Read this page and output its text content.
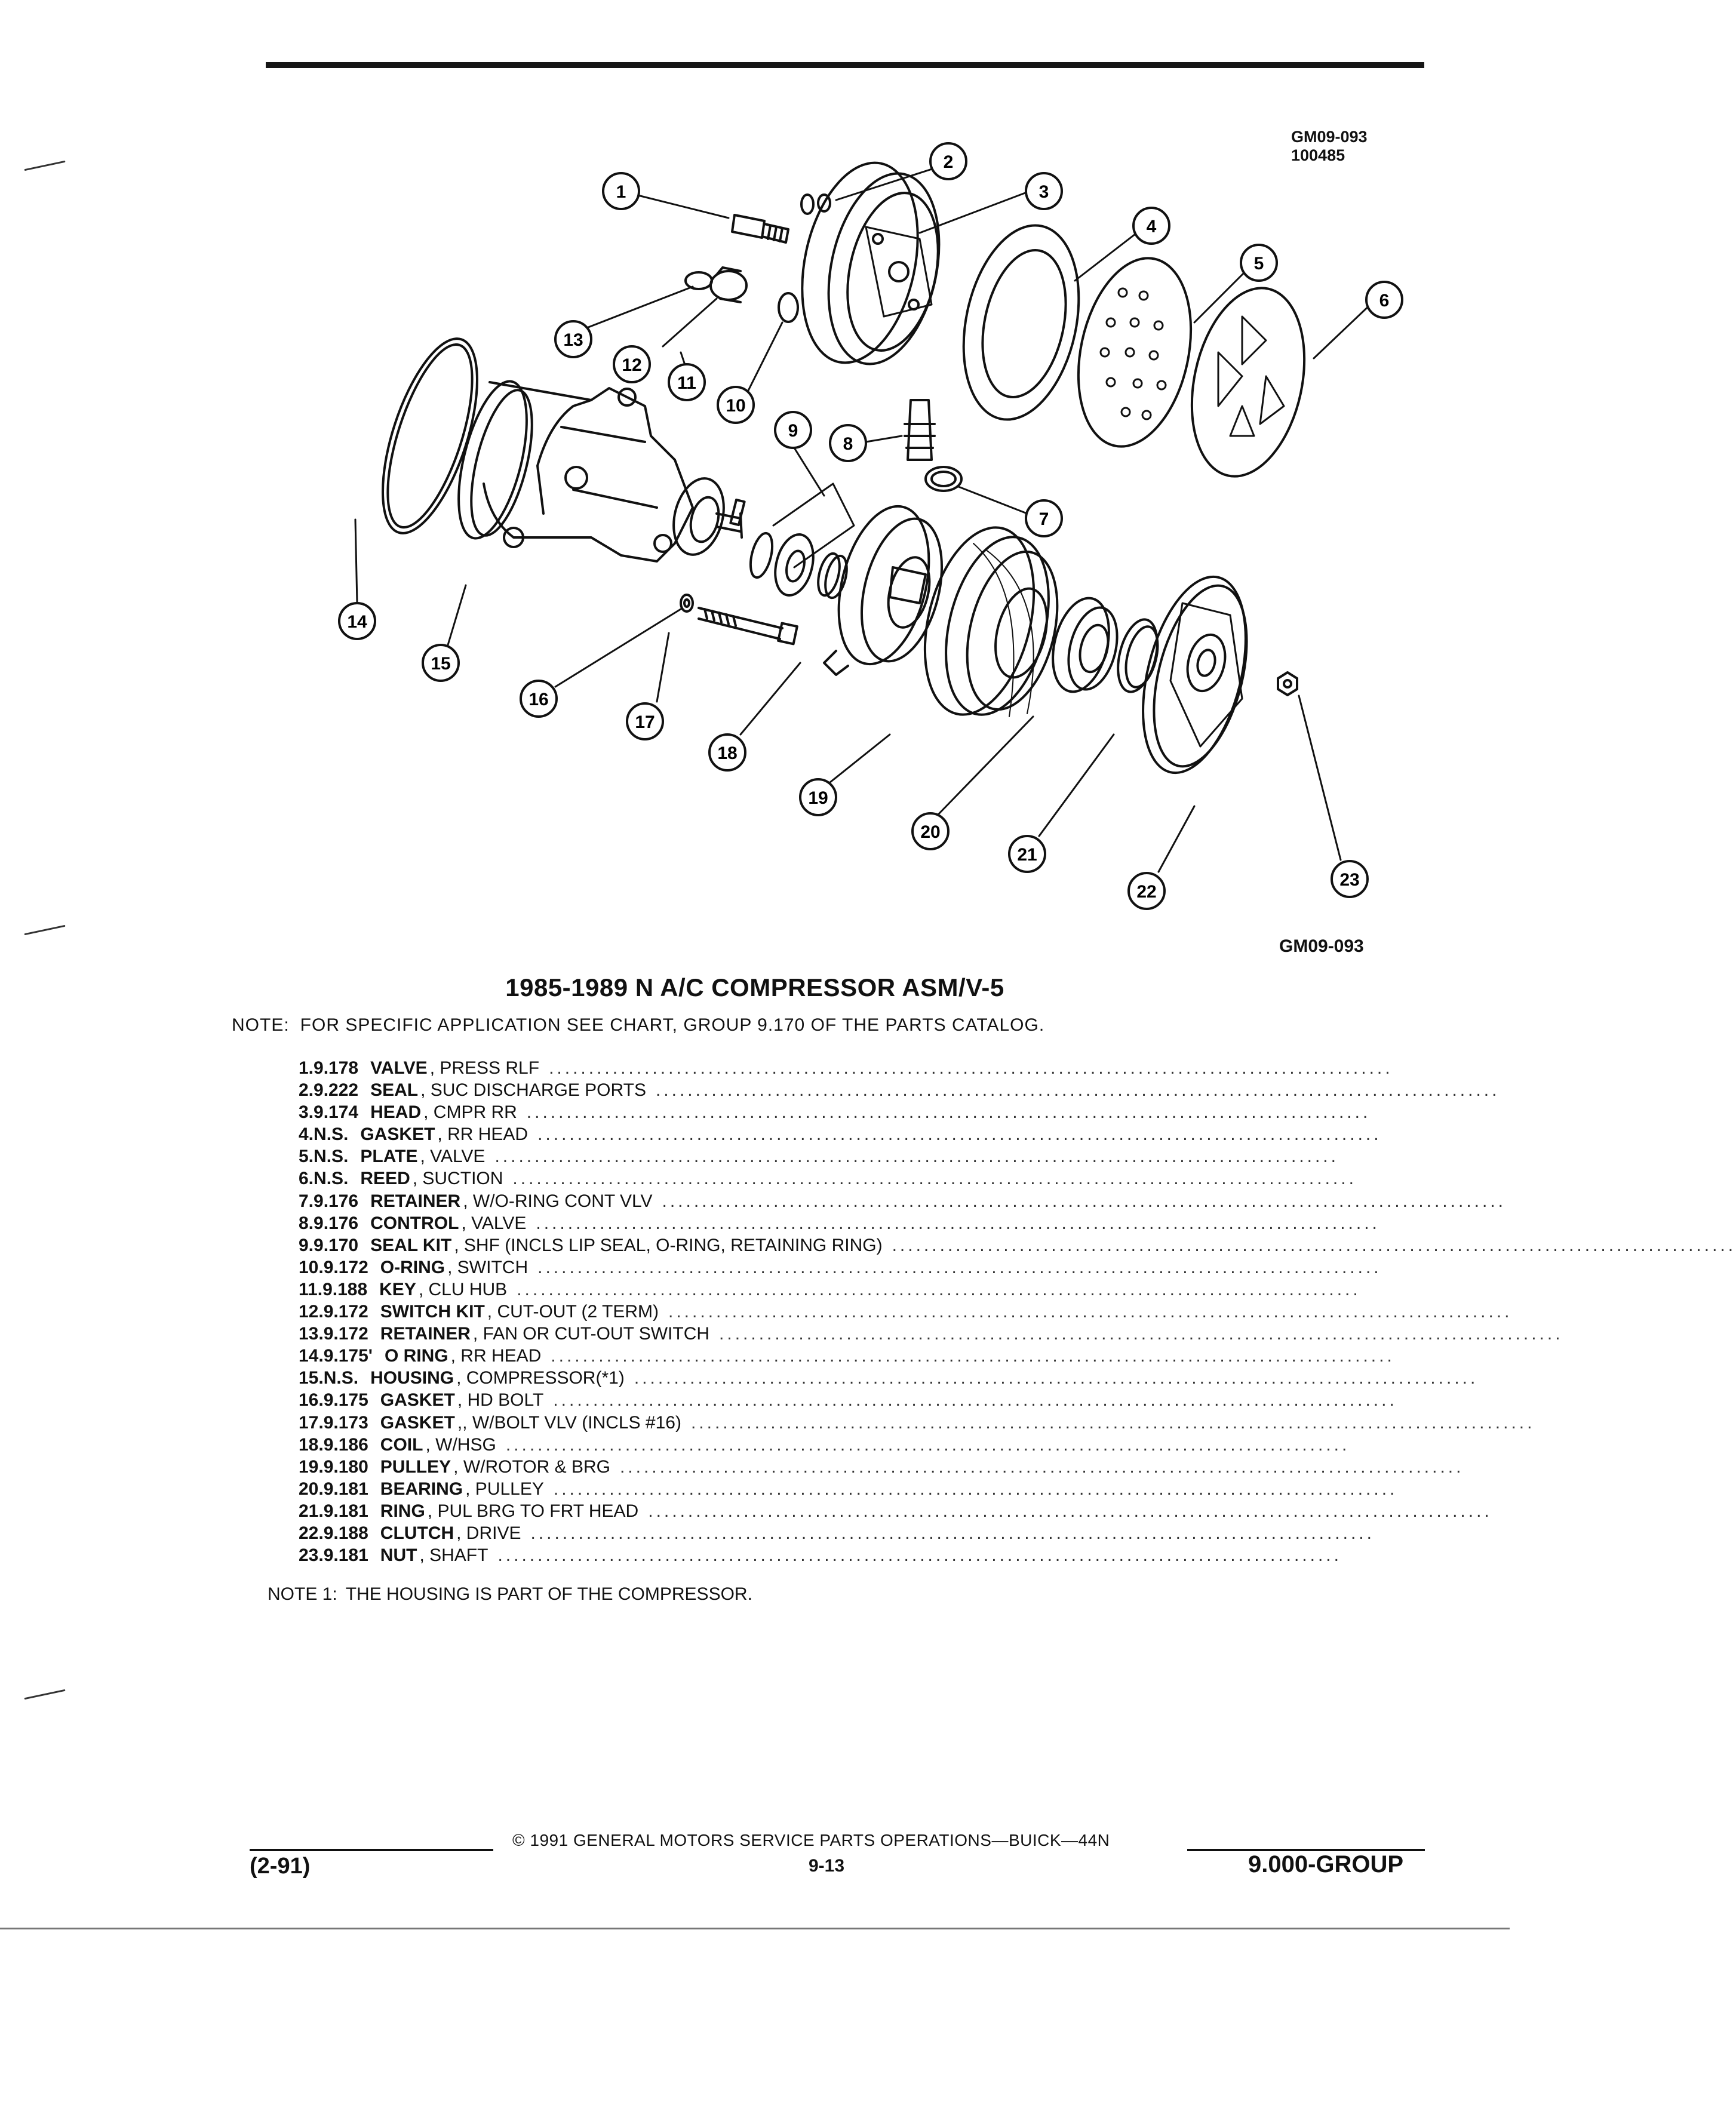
GM09-093
100485
1
2
3
4
5
6
7
8
9
10
11
12
13
14
15
16
17
18
19
20
21
22
23
GM09-093
1985-1989 N A/C COMPRESSOR ASM/V-5
NOTE: FOR SPECIFIC APPLICATION SEE CHART, GROUP 9.170 OF THE PARTS CATALOG.
1. 9.178 VALVE , PRESS RLF ..........................................................................................................
2. 9.222 SEAL , SUC DISCHARGE PORTS ..........................................................................................................
3. 9.174 HEAD , CMPR RR ..........................................................................................................
4. N.S. GASKET , RR HEAD ..........................................................................................................
5. N.S. PLATE , VALVE ..........................................................................................................
6. N.S. REED , SUCTION ..........................................................................................................
7. 9.176 RETAINER , W/O-RING CONT VLV ..........................................................................................................
8. 9.176 CONTROL , VALVE ..........................................................................................................
9. 9.170 SEAL KIT , SHF (INCLS LIP SEAL, O-RING, RETAINING RING) ..........................................................................................................
10. 9.172 O-RING , SWITCH ..........................................................................................................
11. 9.188 KEY , CLU HUB ..........................................................................................................
12. 9.172 SWITCH KIT , CUT-OUT (2 TERM) ..........................................................................................................
13. 9.172 RETAINER , FAN OR CUT-OUT SWITCH ..........................................................................................................
14. 9.175' O RING , RR HEAD ..........................................................................................................
15. N.S. HOUSING , COMPRESSOR(*1) ..........................................................................................................
16. 9.175 GASKET , HD BOLT ..........................................................................................................
17. 9.173 GASKET ,, W/BOLT VLV (INCLS #16) ..........................................................................................................
18. 9.186 COIL , W/HSG ..........................................................................................................
19. 9.180 PULLEY , W/ROTOR & BRG ..........................................................................................................
20. 9.181 BEARING , PULLEY ..........................................................................................................
21. 9.181 RING , PUL BRG TO FRT HEAD ..........................................................................................................
22. 9.188 CLUTCH , DRIVE ..........................................................................................................
23. 9.181 NUT , SHAFT ..........................................................................................................
NOTE 1: THE HOUSING IS PART OF THE COMPRESSOR.
© 1991 GENERAL MOTORS SERVICE PARTS OPERATIONS—BUICK—44N
(2-91)	9-13	9.000-GROUP
